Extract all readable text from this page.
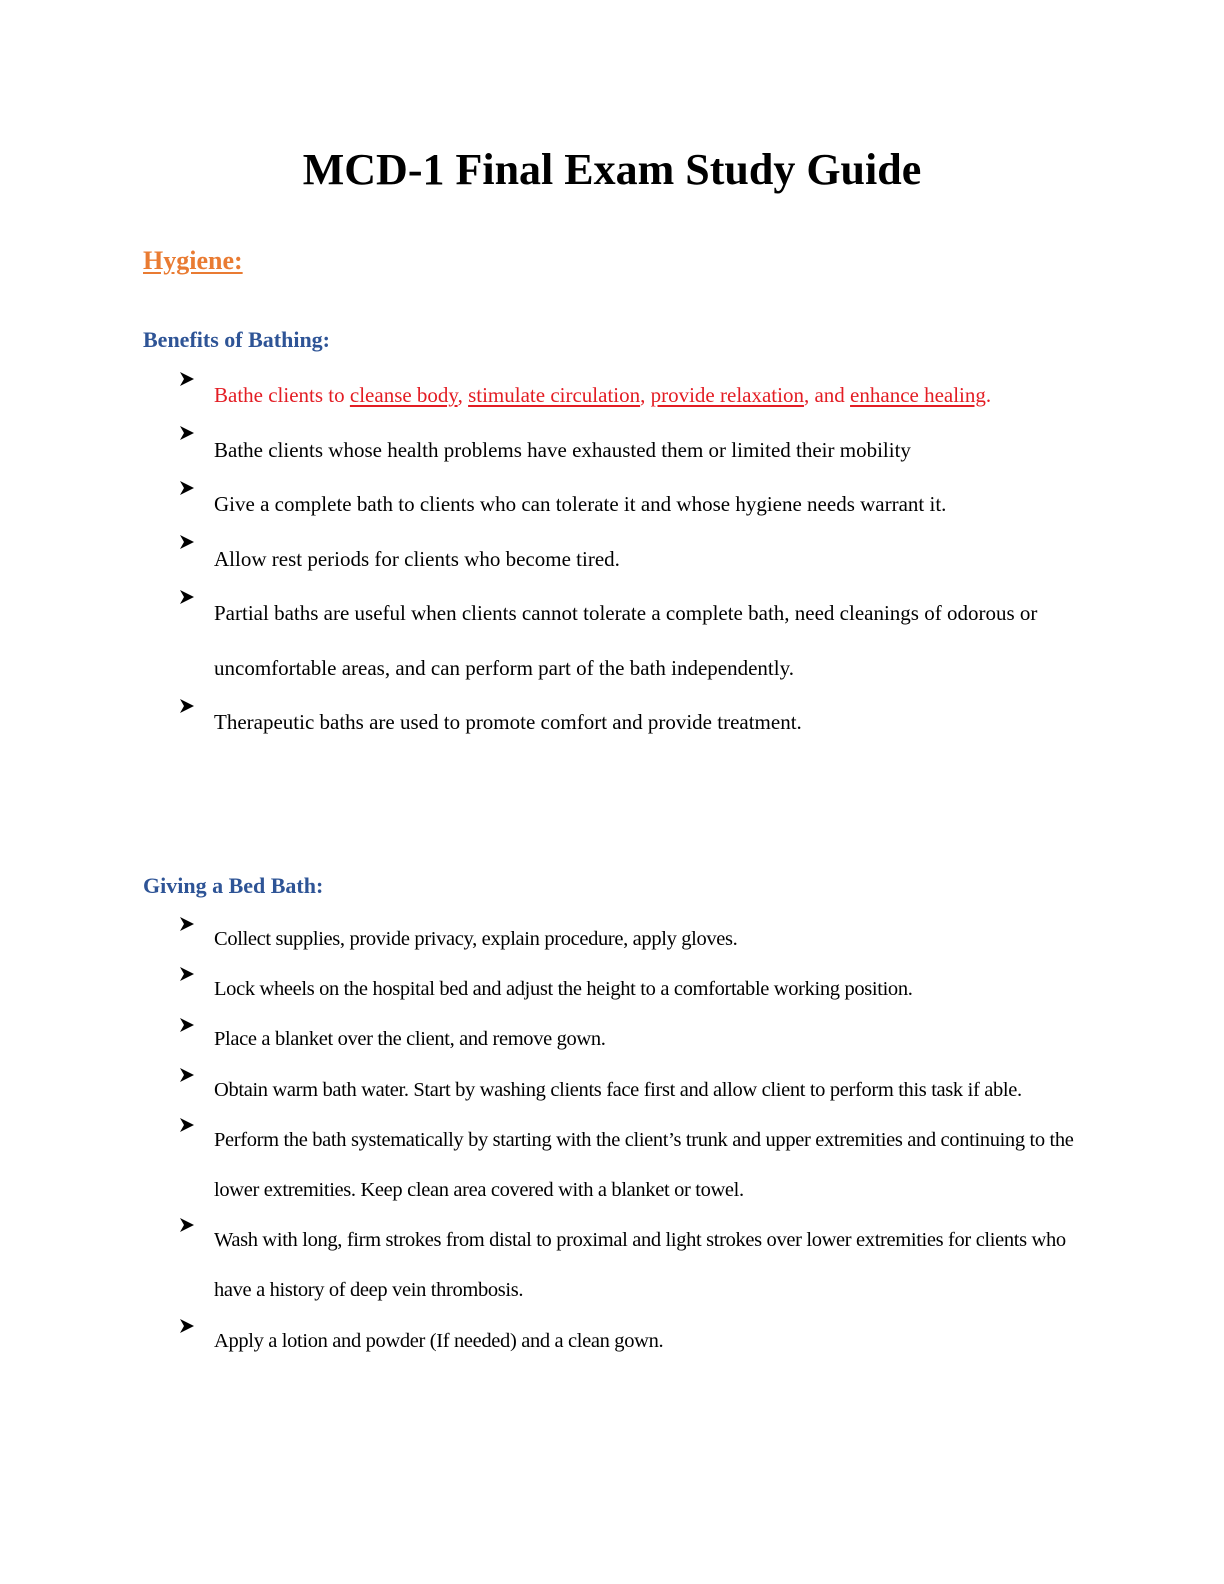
MCD-1 Final Exam Study Guide
Hygiene:
Benefits of Bathing:
Bathe clients to cleanse body, stimulate circulation, provide relaxation, and enhance healing.
Bathe clients whose health problems have exhausted them or limited their mobility
Give a complete bath to clients who can tolerate it and whose hygiene needs warrant it.
Allow rest periods for clients who become tired.
Partial baths are useful when clients cannot tolerate a complete bath, need cleanings of odorous or uncomfortable areas, and can perform part of the bath independently.
Therapeutic baths are used to promote comfort and provide treatment.
Giving a Bed Bath:
Collect supplies, provide privacy, explain procedure, apply gloves.
Lock wheels on the hospital bed and adjust the height to a comfortable working position.
Place a blanket over the client, and remove gown.
Obtain warm bath water. Start by washing clients face first and allow client to perform this task if able.
Perform the bath systematically by starting with the client’s trunk and upper extremities and continuing to the lower extremities. Keep clean area covered with a blanket or towel.
Wash with long, firm strokes from distal to proximal and light strokes over lower extremities for clients who have a history of deep vein thrombosis.
Apply a lotion and powder (If needed) and a clean gown.
